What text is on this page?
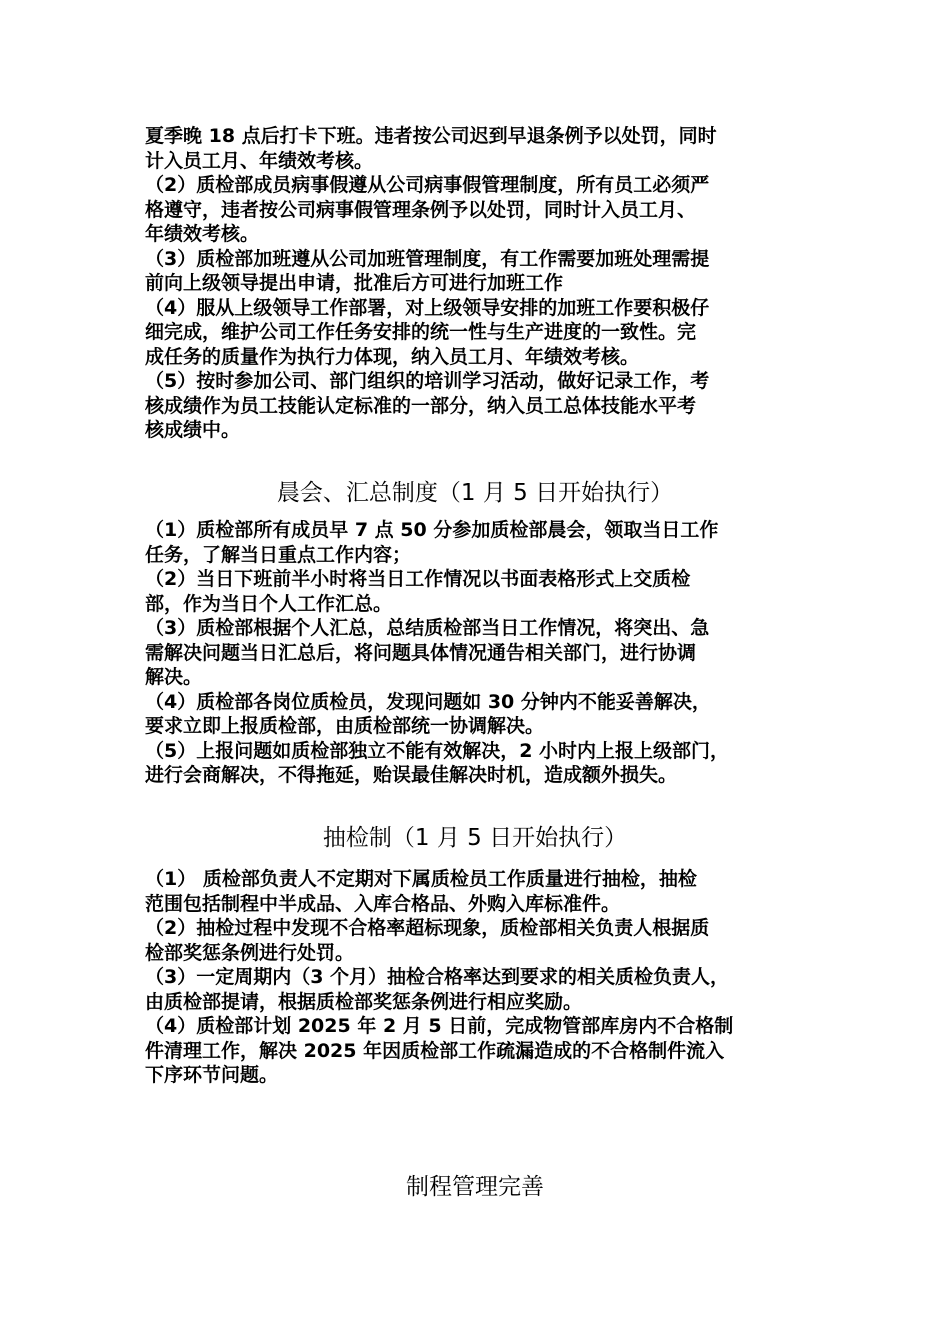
夏季晚 18 点后打卡下班。违者按公司迟到早退条例予以处罚，同时
计入员工月、年绩效考核。
（2）质检部成员病事假遵从公司病事假管理制度，所有员工必须严
格遵守，违者按公司病事假管理条例予以处罚，同时计入员工月、
年绩效考核。
（3）质检部加班遵从公司加班管理制度，有工作需要加班处理需提
前向上级领导提出申请，批准后方可进行加班工作
（4）服从上级领导工作部署，对上级领导安排的加班工作要积极仔
细完成，维护公司工作任务安排的统一性与生产进度的一致性。完
成任务的质量作为执行力体现，纳入员工月、年绩效考核。
（5）按时参加公司、部门组织的培训学习活动，做好记录工作，考
核成绩作为员工技能认定标准的一部分，纳入员工总体技能水平考
核成绩中。
晨会、汇总制度（1 月 5 日开始执行）
（1）质检部所有成员早 7 点 50 分参加质检部晨会，领取当日工作
任务，了解当日重点工作内容；
（2）当日下班前半小时将当日工作情况以书面表格形式上交质检
部，作为当日个人工作汇总。
（3）质检部根据个人汇总，总结质检部当日工作情况，将突出、急
需解决问题当日汇总后，将问题具体情况通告相关部门，进行协调
解决。
（4）质检部各岗位质检员，发现问题如 30 分钟内不能妥善解决，
要求立即上报质检部，由质检部统一协调解决。
（5）上报问题如质检部独立不能有效解决，2 小时内上报上级部门，
进行会商解决，不得拖延，贻误最佳解决时机，造成额外损失。
抽检制（1 月 5 日开始执行）
（1） 质检部负责人不定期对下属质检员工作质量进行抽检，抽检
范围包括制程中半成品、入库合格品、外购入库标准件。
（2）抽检过程中发现不合格率超标现象，质检部相关负责人根据质
检部奖惩条例进行处罚。
（3）一定周期内（3 个月）抽检合格率达到要求的相关质检负责人，
由质检部提请，根据质检部奖惩条例进行相应奖励。
（4）质检部计划 2025 年 2 月 5 日前，完成物管部库房内不合格制
件清理工作，解决 2025 年因质检部工作疏漏造成的不合格制件流入
下序环节问题。
制程管理完善
